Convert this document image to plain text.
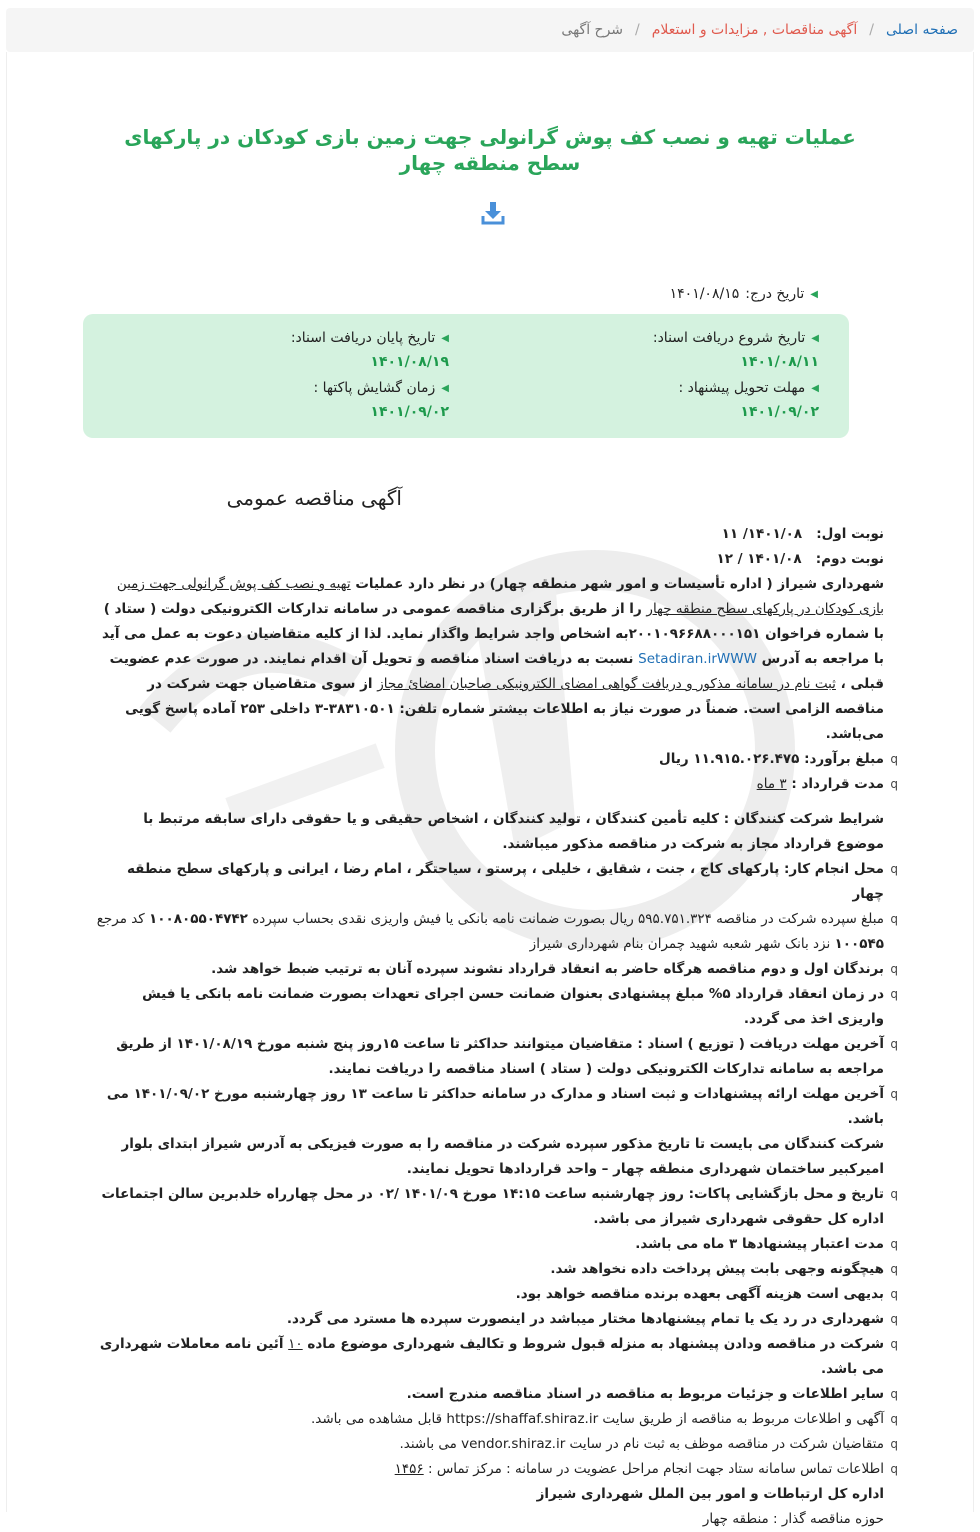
صفحه اصلی
/
آگهی مناقصات , مزایدات و استعلام
/
شرح آگهی
عملیات تهیه و نصب کف پوش گرانولی جهت زمین بازی کودکان در پارکهای سطح منطقه چهار
◀
تاریخ درج:
۱۴۰۱/۰۸/۱۵
◀
تاریخ شروع دریافت اسناد:
۱۴۰۱/۰۸/۱۱
◀
تاریخ پایان دریافت اسناد:
۱۴۰۱/۰۸/۱۹
◀
مهلت تحویل پیشنهاد :
۱۴۰۱/۰۹/۰۲
◀
زمان گشایش پاکتها :
۱۴۰۱/۰۹/۰۲
آگهی مناقصه عمومی

نوبت اول:   ۱۴۰۱/۰۸/ ۱۱

نوبت دوم:   ۱۴۰۱/۰۸ / ۱۲

شهرداری شیراز ( اداره تأسیسات و امور شهر منطقه چهار) در نظر دارد عملیات تهیه و نصب کف پوش گرانولی جهت زمین بازی کودکان در پارکهای سطح منطقه چهار را از طریق برگزاری مناقصه عمومی در سامانه تدارکات الکترونیکی دولت ( ستاد ) با شماره فراخوان ۲۰۰۱۰۹۶۶۸۸۰۰۰۱۵۱به اشخاص واجد شرایط واگذار نماید. لذا از کلیه متقاضیان دعوت به عمل می آید با مراجعه به آدرس Setadiran.irWWW نسبت به دریافت اسناد مناقصه و تحویل آن اقدام نمایند. در صورت عدم عضویت قبلی ، ثبت نام در سامانه مذکور و دریافت گواهی امضای الکترونیکی صاحبان امضائ مجاز از سوی متقاضیان جهت شرکت در مناقصه الزامی است. ضمناً در صورت نیاز به اطلاعات بیشتر شماره تلفن: ۳۸۳۱۰۵۰۱-۳ داخلی ۲۵۳ آماده پاسخ گویی می‌باشد.

q
مبلغ برآورد: ۱۱.۹۱۵.۰۲۶.۴۷۵ ریال

q
مدت قرارداد : ۳ ماه

شرایط شرکت کنندگان : کلیه تأمین کنندگان ، تولید کنندگان ، اشخاص حقیقی و یا حقوقی دارای سابقه مرتبط با موضوع قرارداد مجاز به شرکت در مناقصه مذکور میباشند.

q
محل انجام کار: پارکهای کاج ، جنت ، شقایق ، خلیلی ، پرستو ، سیاحتگر ، امام رضا ، ایرانی و پارکهای سطح منطقه چهار

q
مبلغ سپرده شرکت در مناقصه ۵۹۵.۷۵۱.۳۲۴ ریال بصورت ضمانت نامه بانکی یا فیش واریزی نقدی بحساب سپرده ۱۰۰۸۰۵۵۰۴۷۴۲ کد مرجع ۱۰۰۵۴۵ نزد بانک شهر شعبه شهید چمران بنام شهرداری شیراز

q
برندگان اول و دوم مناقصه هرگاه حاضر به انعقاد قرارداد نشوند سپرده آنان به ترتیب ضبط خواهد شد.

q
در زمان انعقاد قرارداد ۵% مبلغ پیشنهادی بعنوان ضمانت حسن اجرای تعهدات بصورت ضمانت نامه بانکی یا فیش واریزی اخذ می گردد.

q
آخرین مهلت دریافت ( توزیع ) اسناد : متقاضیان میتوانند حداکثر تا ساعت ۱۵روز پنج شنبه مورخ ۱۴۰۱/۰۸/۱۹ از طریق مراجعه به سامانه تدارکات الکترونیکی دولت ( ستاد ) اسناد مناقصه را دریافت نمایند.

q
آخرین مهلت ارائه پیشنهادات و ثبت اسناد و مدارک در سامانه حداکثر تا ساعت ۱۳ روز چهارشنبه مورخ ۱۴۰۱/۰۹/۰۲ می باشد.

شرکت کنندگان می بایست تا تاریخ مذکور سپرده شرکت در مناقصه را به صورت فیزیکی به آدرس شیراز ابتدای بلوار امیرکبیر ساختمان شهرداری منطقه چهار – واحد قراردادها تحویل نمایند.

q
تاریخ و محل بازگشایی پاکات: روز چهارشنبه ساعت ۱۴:۱۵ مورخ ۱۴۰۱/۰۹ /۰۲ در محل چهارراه خلدبرین سالن اجتماعات اداره کل حقوقی شهرداری شیراز می باشد.

q
مدت اعتبار پیشنهادها ۳ ماه می باشد.

q
هیچگونه وجهی بابت پیش پرداخت داده نخواهد شد.

q
بدیهی است هزینه آگهی بعهده برنده مناقصه خواهد بود.

q
شهرداری در رد یک یا تمام پیشنهادها مختار میباشد در اینصورت سپرده ها مسترد می گردد.

q
شرکت در مناقصه ودادن پیشنهاد به منزله قبول شروط و تکالیف شهرداری موضوع ماده ۱۰ آئین نامه معاملات شهرداری می باشد.

q
سایر اطلاعات و جزئیات مربوط به مناقصه در اسناد مناقصه مندرج است.

q
آگهی و اطلاعات مربوط به مناقصه از طریق سایت https://shaffaf.shiraz.ir قابل مشاهده می باشد.

q
متقاضیان شرکت در مناقصه موظف به ثبت نام در سایت vendor.shiraz.ir می باشند.

q
اطلاعات تماس سامانه ستاد جهت انجام مراحل عضویت در سامانه : مرکز تماس : ۱۴۵۶

اداره کل ارتباطات و امور بین الملل شهرداری شیراز

حوزه مناقصه گذار : منطقه چهار
